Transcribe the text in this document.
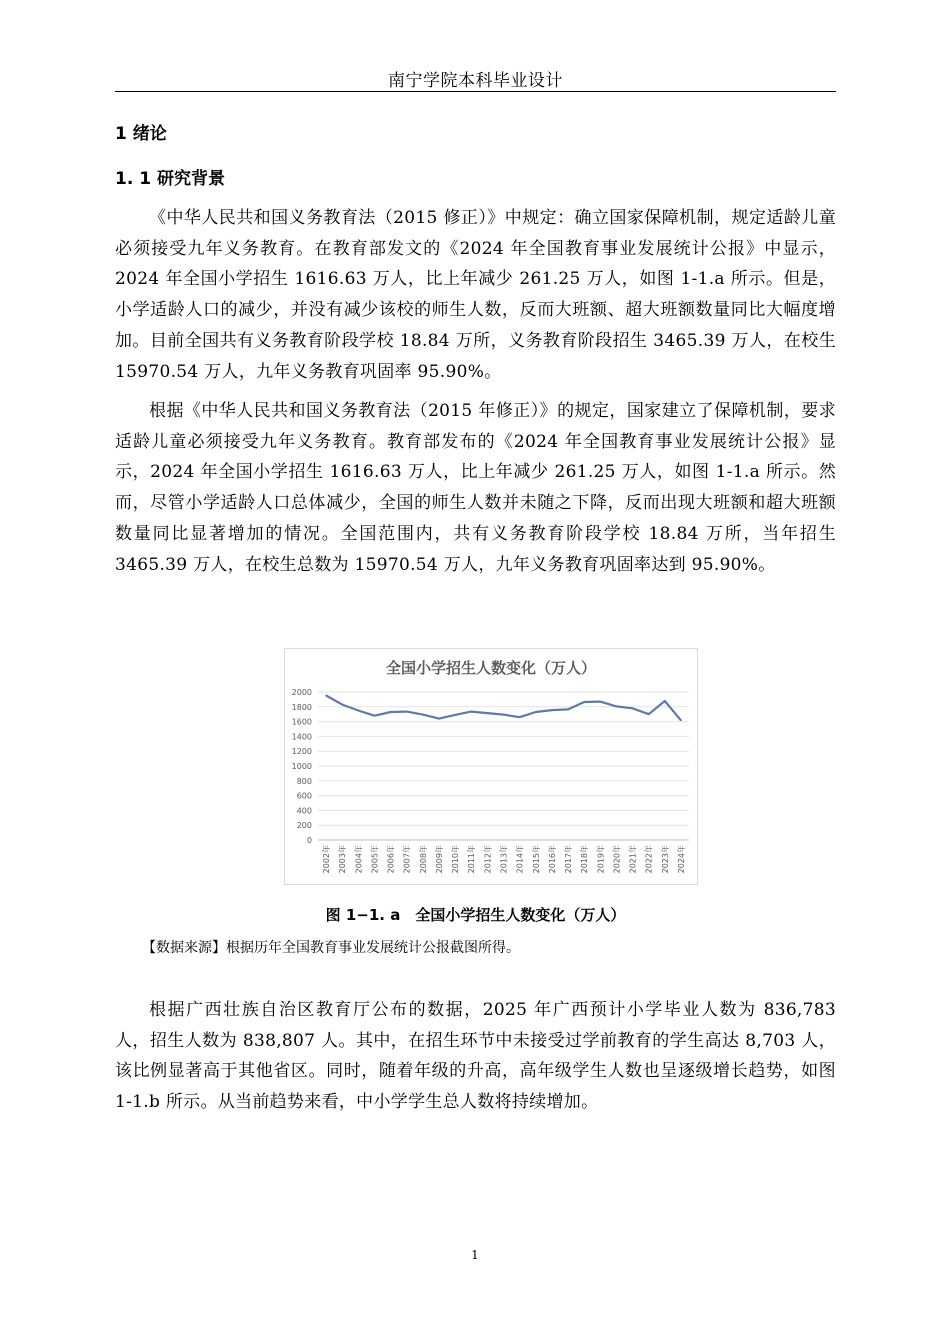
南宁学院本科毕业设计
1 绪论
1. 1 研究背景

《中华人民共和国义务教育法（2015 修正）》中规定：确立国家保障机制，规定适龄儿童必须接受九年义务教育。在教育部发文的《2024 年全国教育事业发展统计公报》中显示，2024 年全国小学招生 1616.63 万人，比上年减少 261.25 万人，如图 1-1.a 所示。但是，小学适龄人口的减少，并没有减少该校的师生人数，反而大班额、超大班额数量同比大幅度增加。目前全国共有义务教育阶段学校 18.84 万所，义务教育阶段招生 3465.39 万人，在校生 15970.54 万人，九年义务教育巩固率 95.90%。

根据《中华人民共和国义务教育法（2015 年修正）》的规定，国家建立了保障机制，要求适龄儿童必须接受九年义务教育。教育部发布的《2024 年全国教育事业发展统计公报》显示，2024 年全国小学招生 1616.63 万人，比上年减少 261.25 万人，如图 1-1.a 所示。然而，尽管小学适龄人口总体减少，全国的师生人数并未随之下降，反而出现大班额和超大班额数量同比显著增加的情况。全国范围内，共有义务教育阶段学校 18.84 万所，当年招生 3465.39 万人，在校生总数为 15970.54 万人，九年义务教育巩固率达到 95.90%。

全国小学招生人数变化（万人）
0
200
400
600
800
1000
1200
1400
1600
1800
2000
2002年 2003年 2004年 2005年 2006年 2007年 2008年 2009年 2010年 2011年 2012年 2013年 2014年 2015年 2016年 2017年 2018年 2019年 2020年 2021年 2022年 2023年 2024年
图 1−1. a　全国小学招生人数变化（万人）
【数据来源】根据历年全国教育事业发展统计公报截图所得。

根据广西壮族自治区教育厅公布的数据，2025 年广西预计小学毕业人数为 836,783 人，招生人数为 838,807 人。其中，在招生环节中未接受过学前教育的学生高达 8,703 人，该比例显著高于其他省区。同时，随着年级的升高，高年级学生人数也呈逐级增长趋势，如图 1-1.b 所示。从当前趋势来看，中小学学生总人数将持续增加。

1
